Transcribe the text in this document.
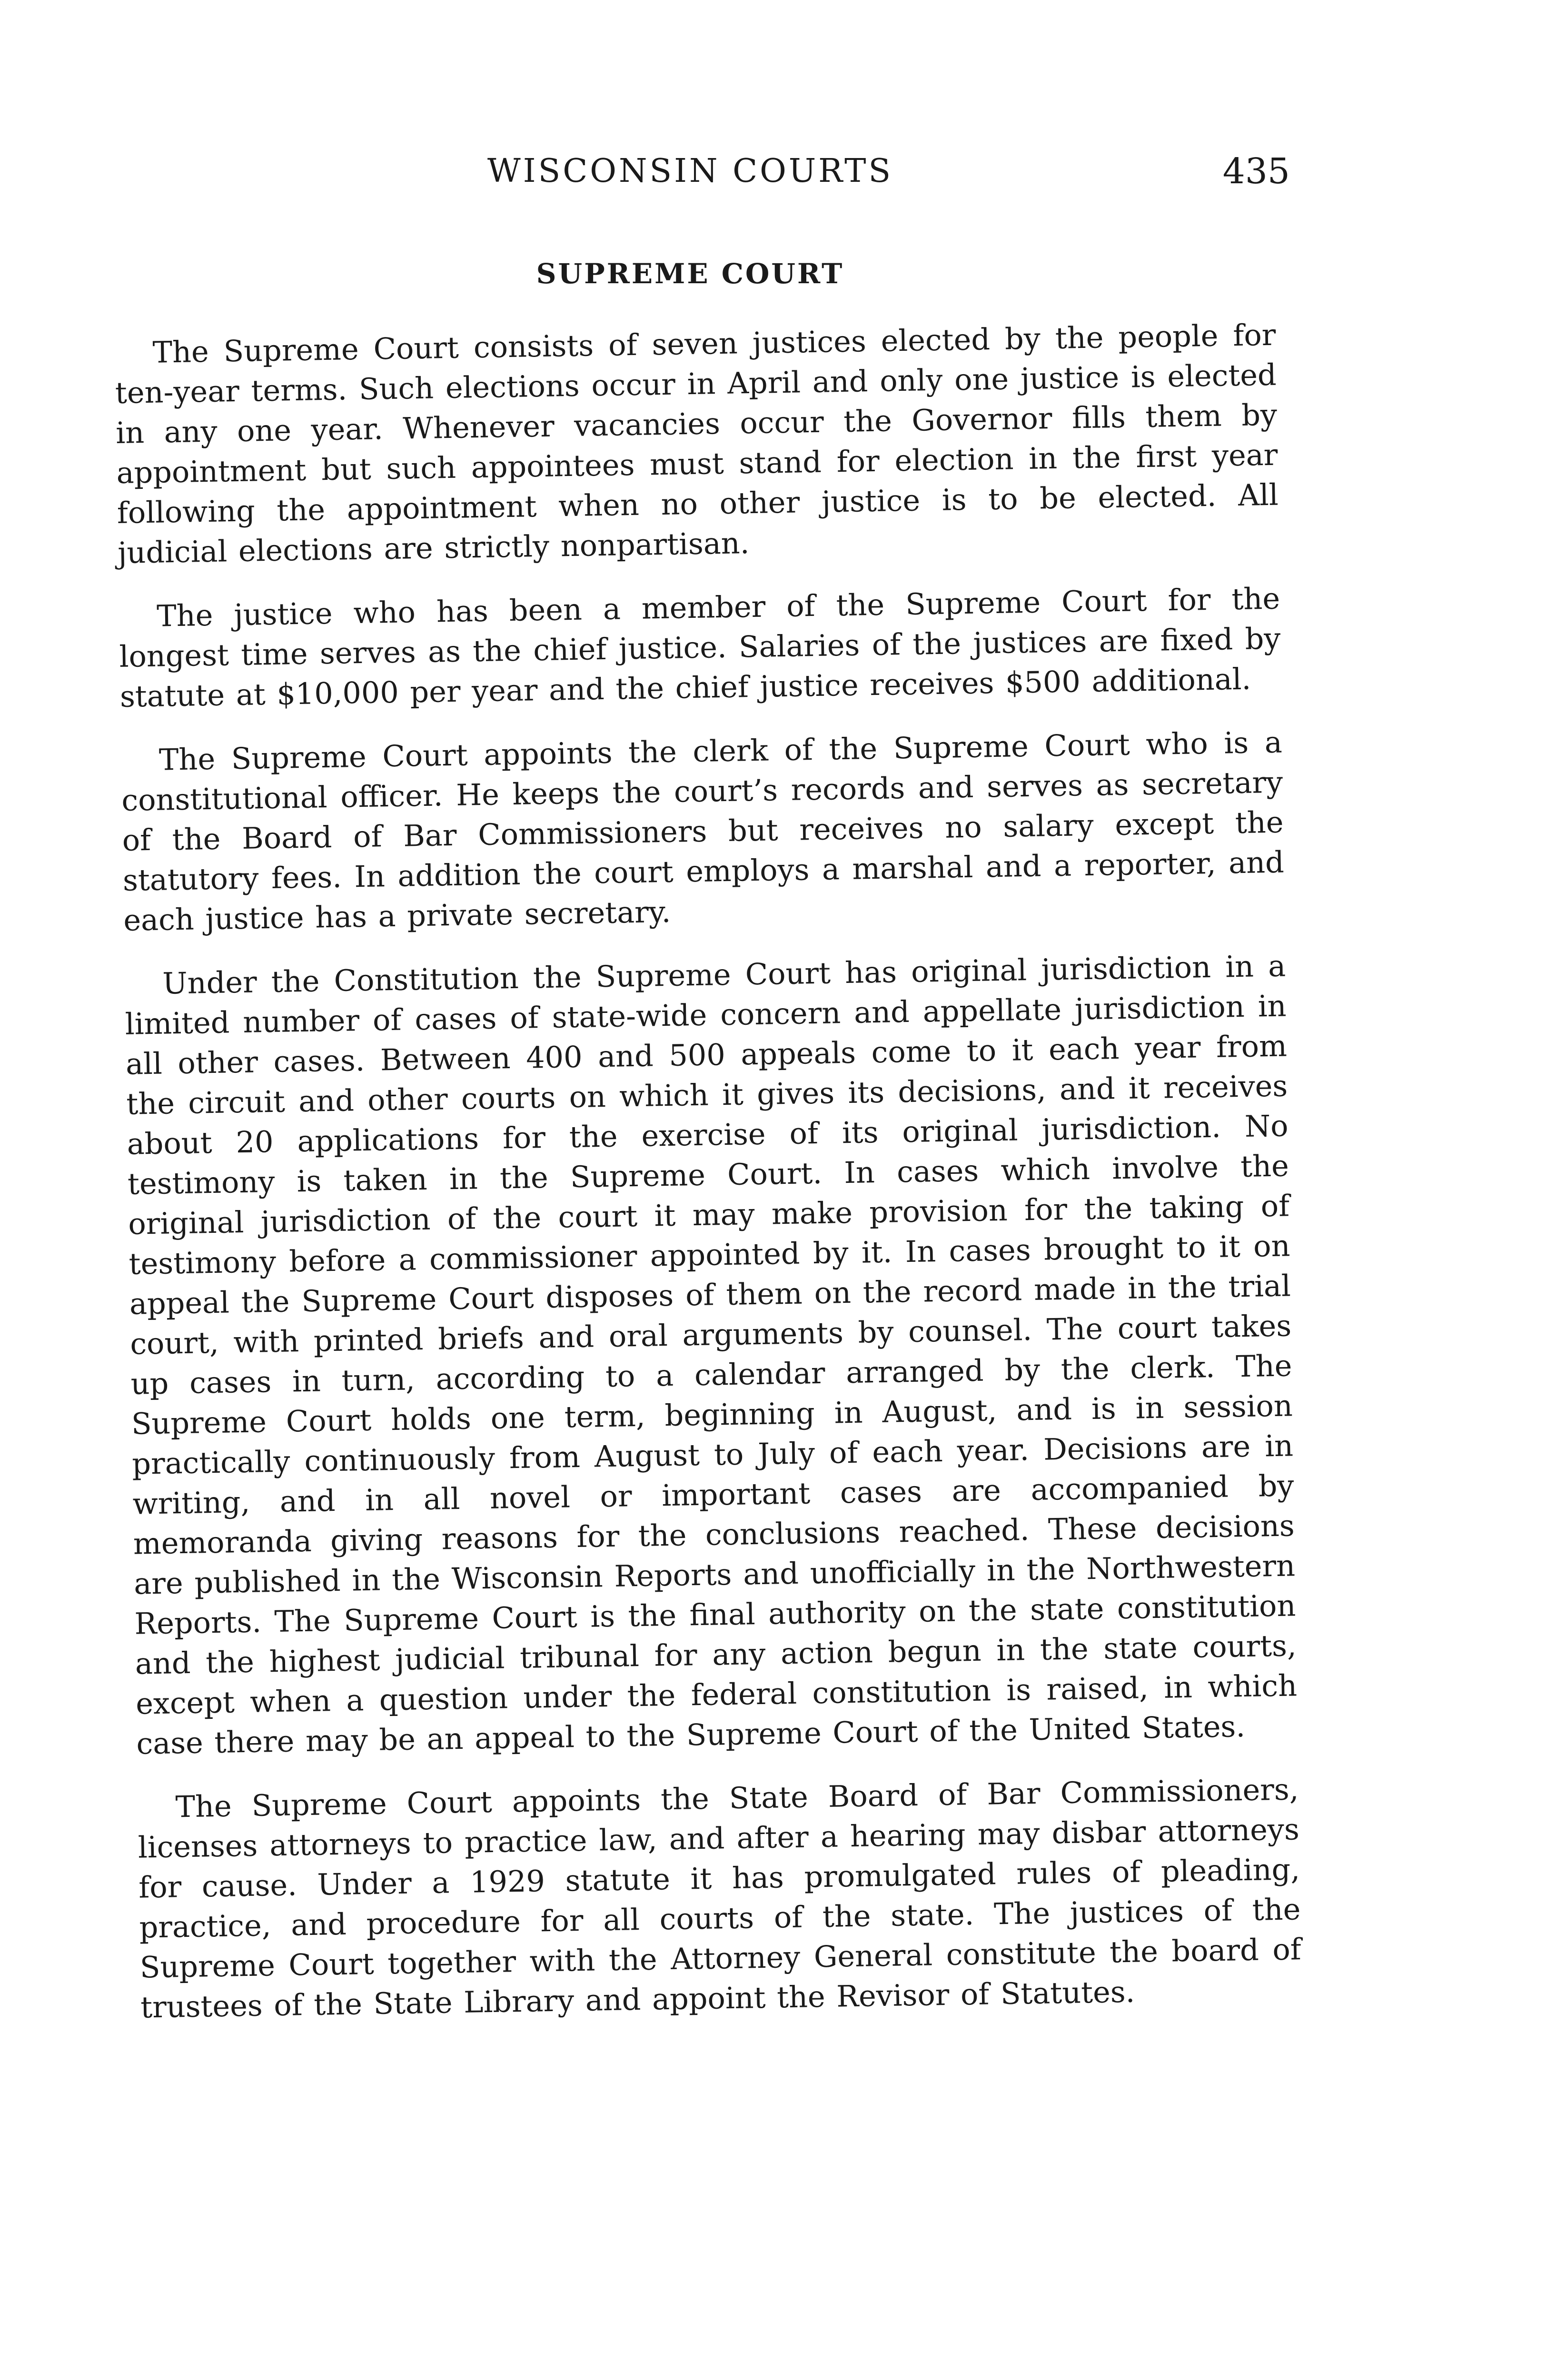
WISCONSIN COURTS	435
SUPREME COURT

The Supreme Court consists of seven justices elected by the people for ten-year terms. Such elections occur in April and only one justice is elected in any one year. Whenever vacancies occur the Governor fills them by appointment but such appointees must stand for election in the first year following the appointment when no other justice is to be elected. All judicial elections are strictly nonpartisan.

The justice who has been a member of the Supreme Court for the longest time serves as the chief justice. Salaries of the justices are fixed by statute at $10,000 per year and the chief justice receives $500 additional.

The Supreme Court appoints the clerk of the Supreme Court who is a constitutional officer. He keeps the court’s records and serves as secretary of the Board of Bar Commissioners but receives no salary except the statutory fees. In addition the court employs a marshal and a reporter, and each justice has a private secretary.

Under the Constitution the Supreme Court has original jurisdiction in a limited number of cases of state-wide concern and appellate jurisdiction in all other cases. Between 400 and 500 appeals come to it each year from the circuit and other courts on which it gives its decisions, and it receives about 20 applications for the exercise of its original jurisdiction. No testimony is taken in the Supreme Court. In cases which involve the original jurisdiction of the court it may make provision for the taking of testimony before a commissioner appointed by it. In cases brought to it on appeal the Supreme Court disposes of them on the record made in the trial court, with printed briefs and oral arguments by counsel. The court takes up cases in turn, according to a calendar arranged by the clerk. The Supreme Court holds one term, beginning in August, and is in session practically continuously from August to July of each year. Decisions are in writing, and in all novel or important cases are accompanied by memoranda giving reasons for the conclusions reached. These decisions are published in the Wisconsin Reports and unofficially in the Northwestern Reports. The Supreme Court is the final authority on the state constitution and the highest judicial tribunal for any action begun in the state courts, except when a question under the federal constitution is raised, in which case there may be an appeal to the Supreme Court of the United States.

The Supreme Court appoints the State Board of Bar Commissioners, licenses attorneys to practice law, and after a hearing may disbar attorneys for cause. Under a 1929 statute it has promulgated rules of pleading, practice, and procedure for all courts of the state. The justices of the Supreme Court together with the Attorney General constitute the board of trustees of the State Library and appoint the Revisor of Statutes.
